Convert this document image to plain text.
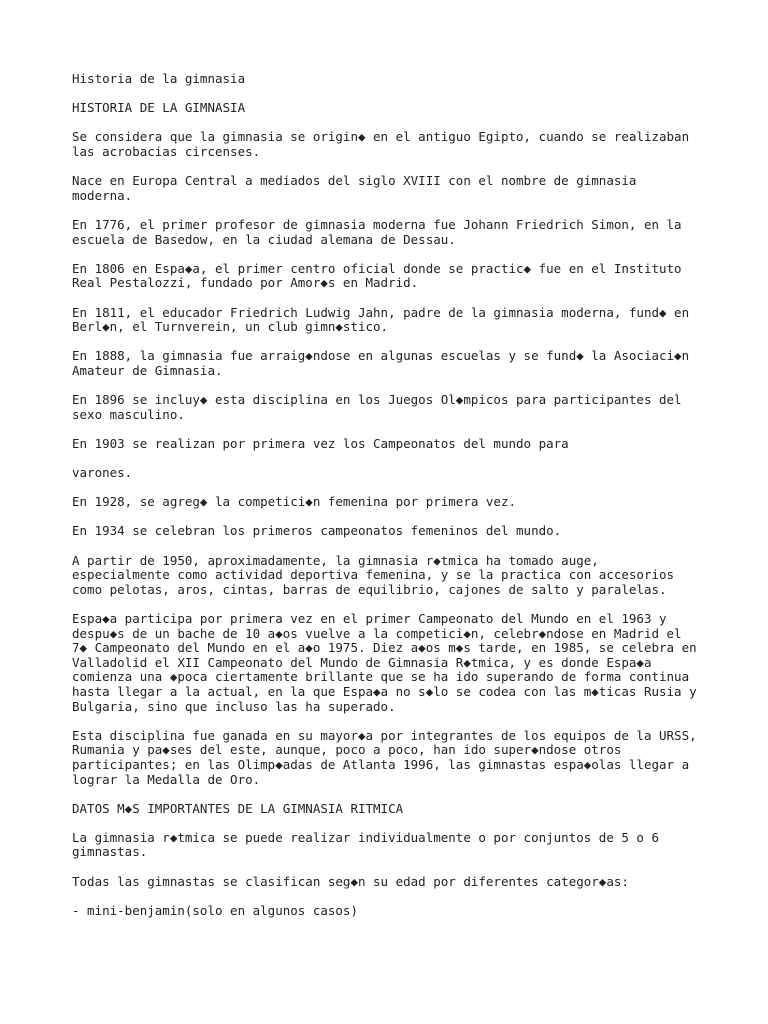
Historia de la gimnasia

HISTORIA DE LA GIMNASIA

Se considera que la gimnasia se origin◆ en el antiguo Egipto, cuando se realizaban
las acrobacias circenses.

Nace en Europa Central a mediados del siglo XVIII con el nombre de gimnasia
moderna.

En 1776, el primer profesor de gimnasia moderna fue Johann Friedrich Simon, en la
escuela de Basedow, en la ciudad alemana de Dessau.

En 1806 en Espa◆a, el primer centro oficial donde se practic◆ fue en el Instituto
Real Pestalozzi, fundado por Amor◆s en Madrid.

En 1811, el educador Friedrich Ludwig Jahn, padre de la gimnasia moderna, fund◆ en
Berl◆n, el Turnverein, un club gimn◆stico.

En 1888, la gimnasia fue arraig◆ndose en algunas escuelas y se fund◆ la Asociaci◆n
Amateur de Gimnasia.

En 1896 se incluy◆ esta disciplina en los Juegos Ol◆mpicos para participantes del
sexo masculino.

En 1903 se realizan por primera vez los Campeonatos del mundo para

varones.

En 1928, se agreg◆ la competici◆n femenina por primera vez.

En 1934 se celebran los primeros campeonatos femeninos del mundo.

A partir de 1950, aproximadamente, la gimnasia r◆tmica ha tomado auge,
especialmente como actividad deportiva femenina, y se la practica con accesorios
como pelotas, aros, cintas, barras de equilibrio, cajones de salto y paralelas.

Espa◆a participa por primera vez en el primer Campeonato del Mundo en el 1963 y
despu◆s de un bache de 10 a◆os vuelve a la competici◆n, celebr◆ndose en Madrid el
7◆ Campeonato del Mundo en el a◆o 1975. Diez a◆os m◆s tarde, en 1985, se celebra en
Valladolid el XII Campeonato del Mundo de Gimnasia R◆tmica, y es donde Espa◆a
comienza una ◆poca ciertamente brillante que se ha ido superando de forma continua
hasta llegar a la actual, en la que Espa◆a no s◆lo se codea con las m◆ticas Rusia y
Bulgaria, sino que incluso las ha superado.

Esta disciplina fue ganada en su mayor◆a por integrantes de los equipos de la URSS,
Rumania y pa◆ses del este, aunque, poco a poco, han ido super◆ndose otros
participantes; en las Olimp◆adas de Atlanta 1996, las gimnastas espa◆olas llegar a
lograr la Medalla de Oro.

DATOS M◆S IMPORTANTES DE LA GIMNASIA RITMICA

La gimnasia r◆tmica se puede realizar individualmente o por conjuntos de 5 o 6
gimnastas.

Todas las gimnastas se clasifican seg◆n su edad por diferentes categor◆as:

- mini-benjamin(solo en algunos casos)
